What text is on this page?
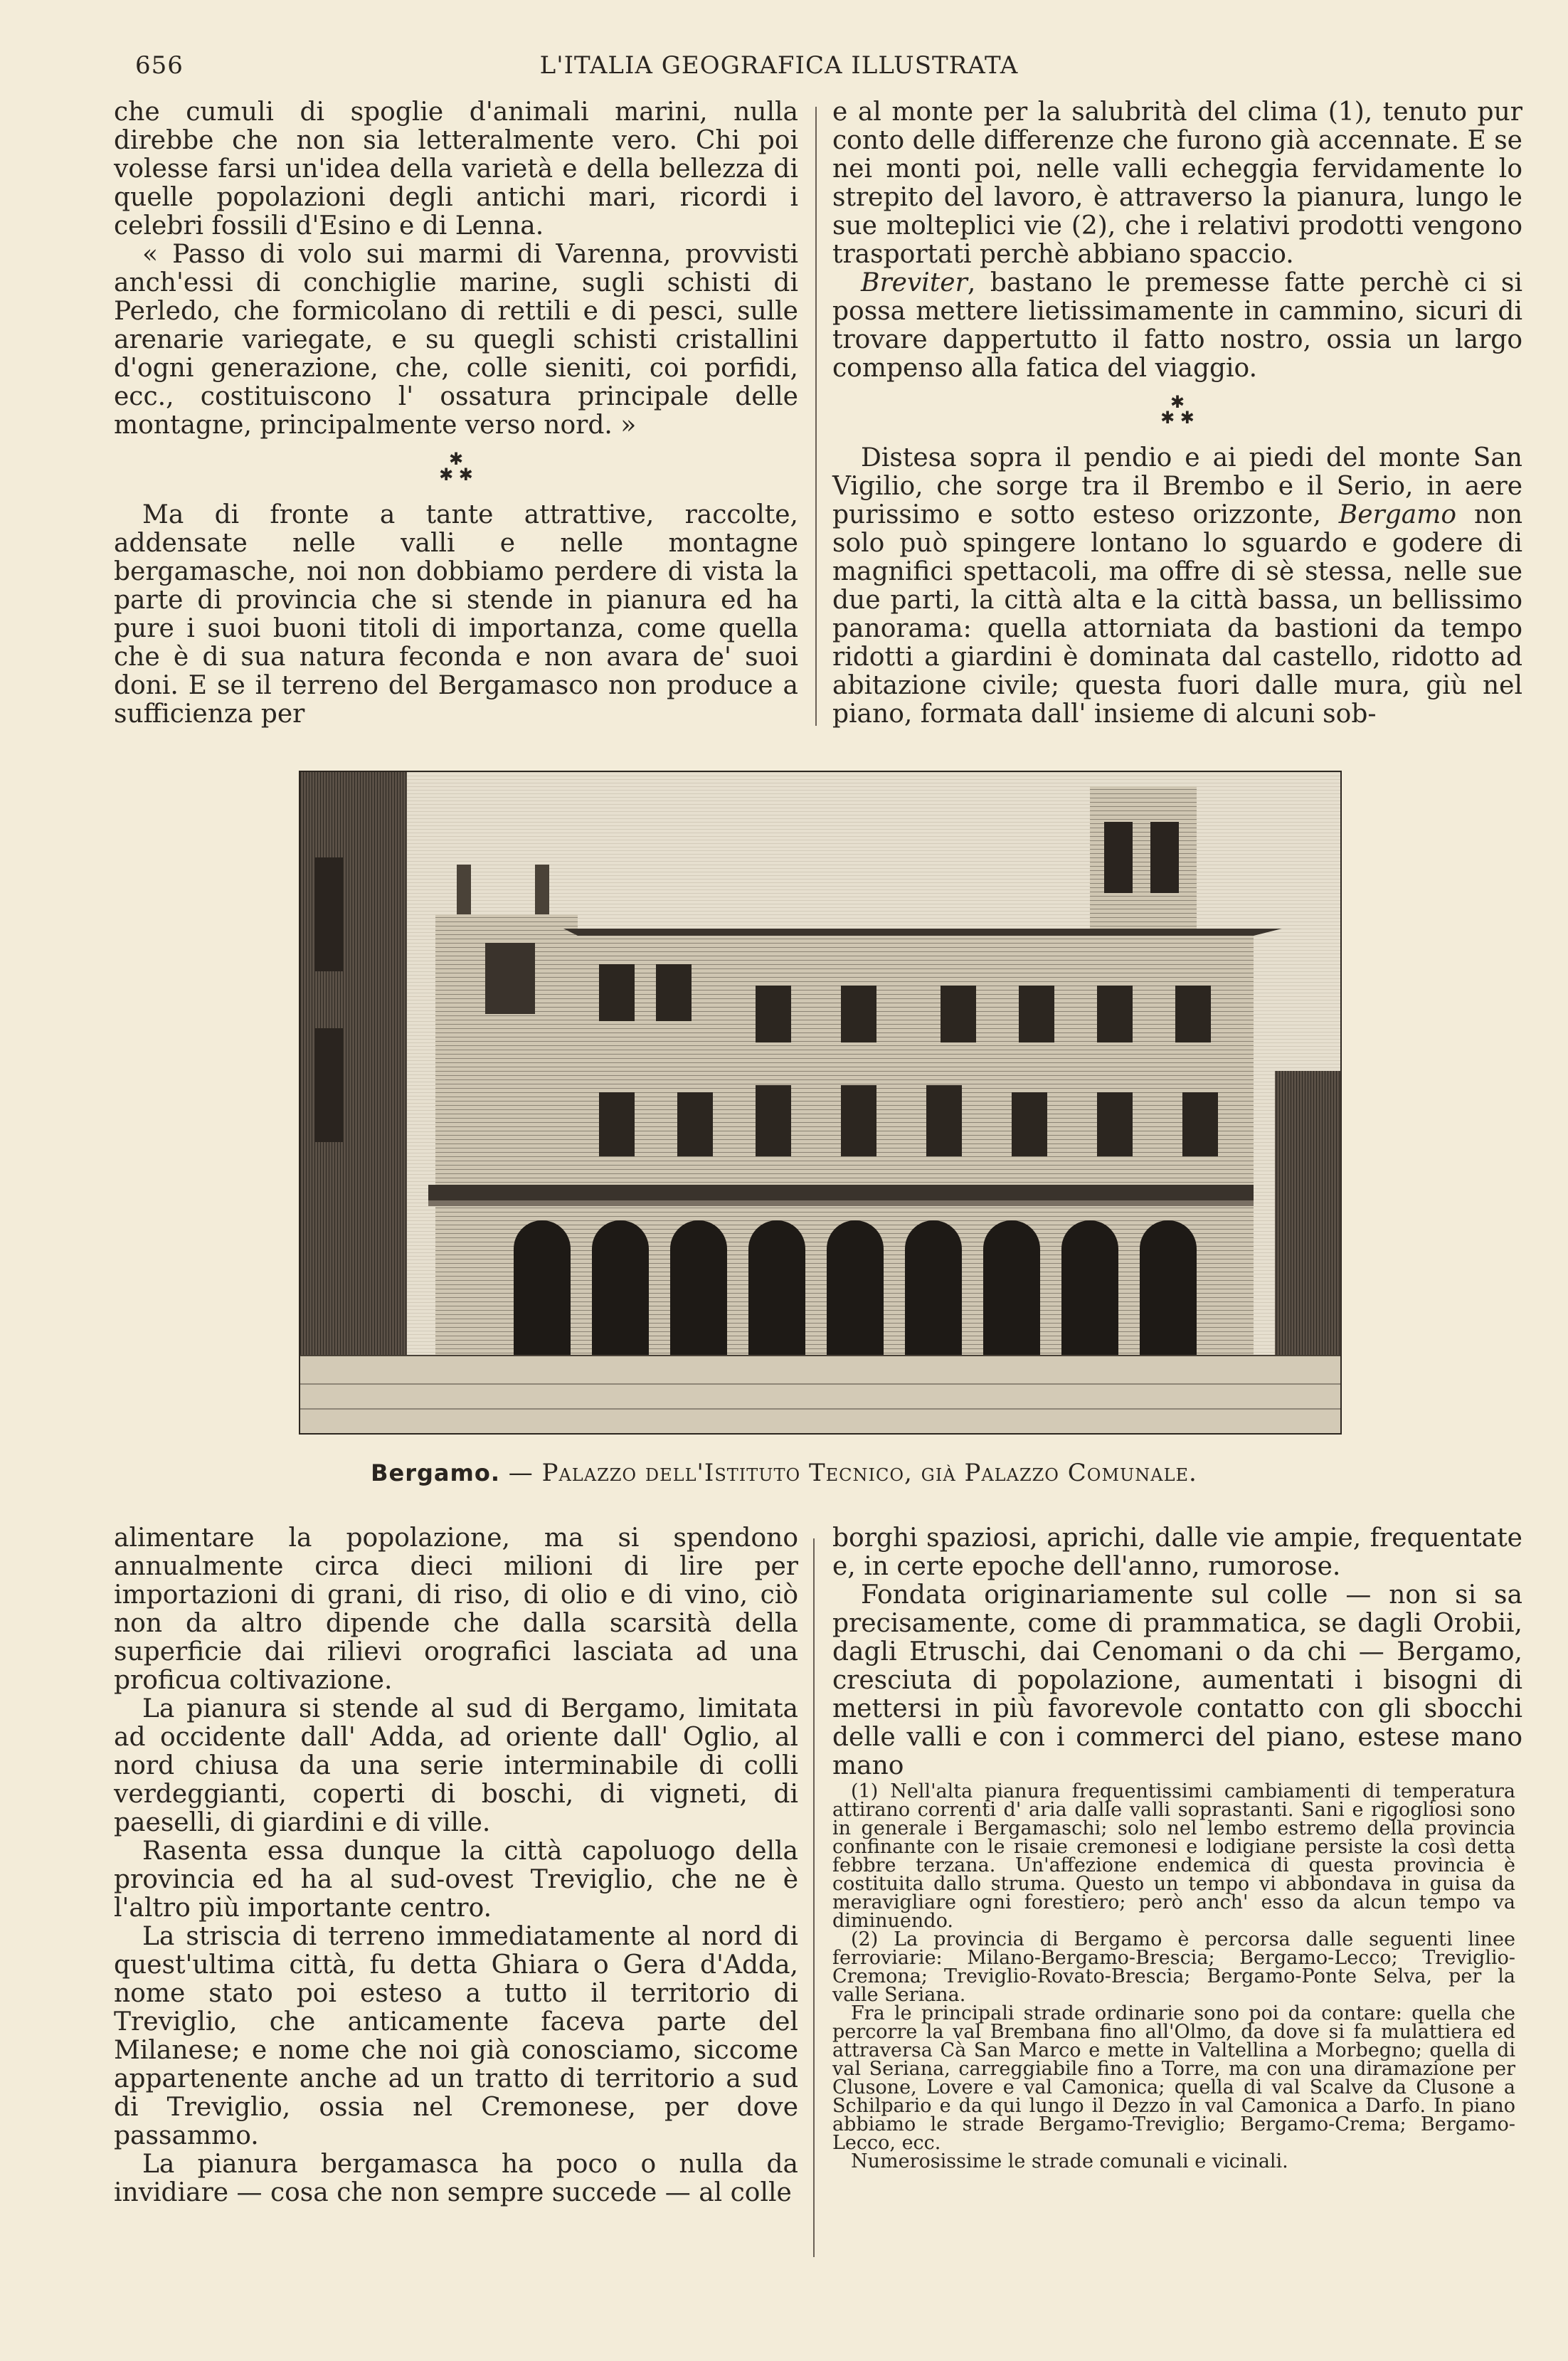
656	L'ITALIA GEOGRAFICA ILLUSTRATA

che cumuli di spoglie d'animali marini, nulla direbbe che non sia letteralmente vero. Chi poi volesse farsi un'idea della varietà e della bellezza di quelle popolazioni degli antichi mari, ricordi i celebri fossili d'Esino e di Lenna.

« Passo di volo sui marmi di Varenna, provvisti anch'essi di conchiglie marine, sugli schisti di Perledo, che formicolano di rettili e di pesci, sulle arenarie variegate, e su quegli schisti cristallini d'ogni generazione, che, colle sieniti, coi porfidi, ecc., costituiscono l' ossatura principale delle montagne, principalmente verso nord. »

✱
✱ ✱

Ma di fronte a tante attrattive, raccolte, addensate nelle valli e nelle montagne bergamasche, noi non dobbiamo perdere di vista la parte di provincia che si stende in pianura ed ha pure i suoi buoni titoli di importanza, come quella che è di sua natura feconda e non avara de' suoi doni. E se il terreno del Bergamasco non produce a sufficienza per

e al monte per la salubrità del clima (1), tenuto pur conto delle differenze che furono già accennate. E se nei monti poi, nelle valli echeggia fervidamente lo strepito del lavoro, è attraverso la pianura, lungo le sue molteplici vie (2), che i relativi prodotti vengono trasportati perchè abbiano spaccio.

Breviter, bastano le premesse fatte perchè ci si possa mettere lietissimamente in cammino, sicuri di trovare dappertutto il fatto nostro, ossia un largo compenso alla fatica del viaggio.

✱
✱ ✱

Distesa sopra il pendio e ai piedi del monte San Vigilio, che sorge tra il Brembo e il Serio, in aere purissimo e sotto esteso orizzonte, Bergamo non solo può spingere lontano lo sguardo e godere di magnifici spettacoli, ma offre di sè stessa, nelle sue due parti, la città alta e la città bassa, un bellissimo panorama: quella attorniata da bastioni da tempo ridotti a giardini è dominata dal castello, ridotto ad abitazione civile; questa fuori dalle mura, giù nel piano, formata dall' insieme di alcuni sob-

Bergamo. — Palazzo dell'Istituto Tecnico, già Palazzo Comunale.

alimentare la popolazione, ma si spendono annualmente circa dieci milioni di lire per importazioni di grani, di riso, di olio e di vino, ciò non da altro dipende che dalla scarsità della superficie dai rilievi orografici lasciata ad una proficua coltivazione.

La pianura si stende al sud di Bergamo, limitata ad occidente dall' Adda, ad oriente dall' Oglio, al nord chiusa da una serie interminabile di colli verdeggianti, coperti di boschi, di vigneti, di paeselli, di giardini e di ville.

Rasenta essa dunque la città capoluogo della provincia ed ha al sud-ovest Treviglio, che ne è l'altro più importante centro.

La striscia di terreno immediatamente al nord di quest'ultima città, fu detta Ghiara o Gera d'Adda, nome stato poi esteso a tutto il territorio di Treviglio, che anticamente faceva parte del Milanese; e nome che noi già conosciamo, siccome appartenente anche ad un tratto di territorio a sud di Treviglio, ossia nel Cremonese, per dove passammo.

La pianura bergamasca ha poco o nulla da invidiare — cosa che non sempre succede — al colle

borghi spaziosi, aprichi, dalle vie ampie, frequentate e, in certe epoche dell'anno, rumorose.

Fondata originariamente sul colle — non si sa precisamente, come di prammatica, se dagli Orobii, dagli Etruschi, dai Cenomani o da chi — Bergamo, cresciuta di popolazione, aumentati i bisogni di mettersi in più favorevole contatto con gli sbocchi delle valli e con i commerci del piano, estese mano mano

(1) Nell'alta pianura frequentissimi cambiamenti di temperatura attirano correnti d' aria dalle valli soprastanti. Sani e rigogliosi sono in generale i Bergamaschi; solo nel lembo estremo della provincia confinante con le risaie cremonesi e lodigiane persiste la così detta febbre terzana. Un'affezione endemica di questa provincia è costituita dallo struma. Questo un tempo vi abbondava in guisa da meravigliare ogni forestiero; però anch' esso da alcun tempo va diminuendo.

(2) La provincia di Bergamo è percorsa dalle seguenti linee ferroviarie: Milano-Bergamo-Brescia; Bergamo-Lecco; Treviglio-Cremona; Treviglio-Rovato-Brescia; Bergamo-Ponte Selva, per la valle Seriana.

Fra le principali strade ordinarie sono poi da contare: quella che percorre la val Brembana fino all'Olmo, da dove si fa mulattiera ed attraversa Cà San Marco e mette in Valtellina a Morbegno; quella di val Seriana, carreggiabile fino a Torre, ma con una diramazione per Clusone, Lovere e val Camonica; quella di val Scalve da Clusone a Schilpario e da qui lungo il Dezzo in val Camonica a Darfo. In piano abbiamo le strade Bergamo-Treviglio; Bergamo-Crema; Bergamo-Lecco, ecc.

Numerosissime le strade comunali e vicinali.
